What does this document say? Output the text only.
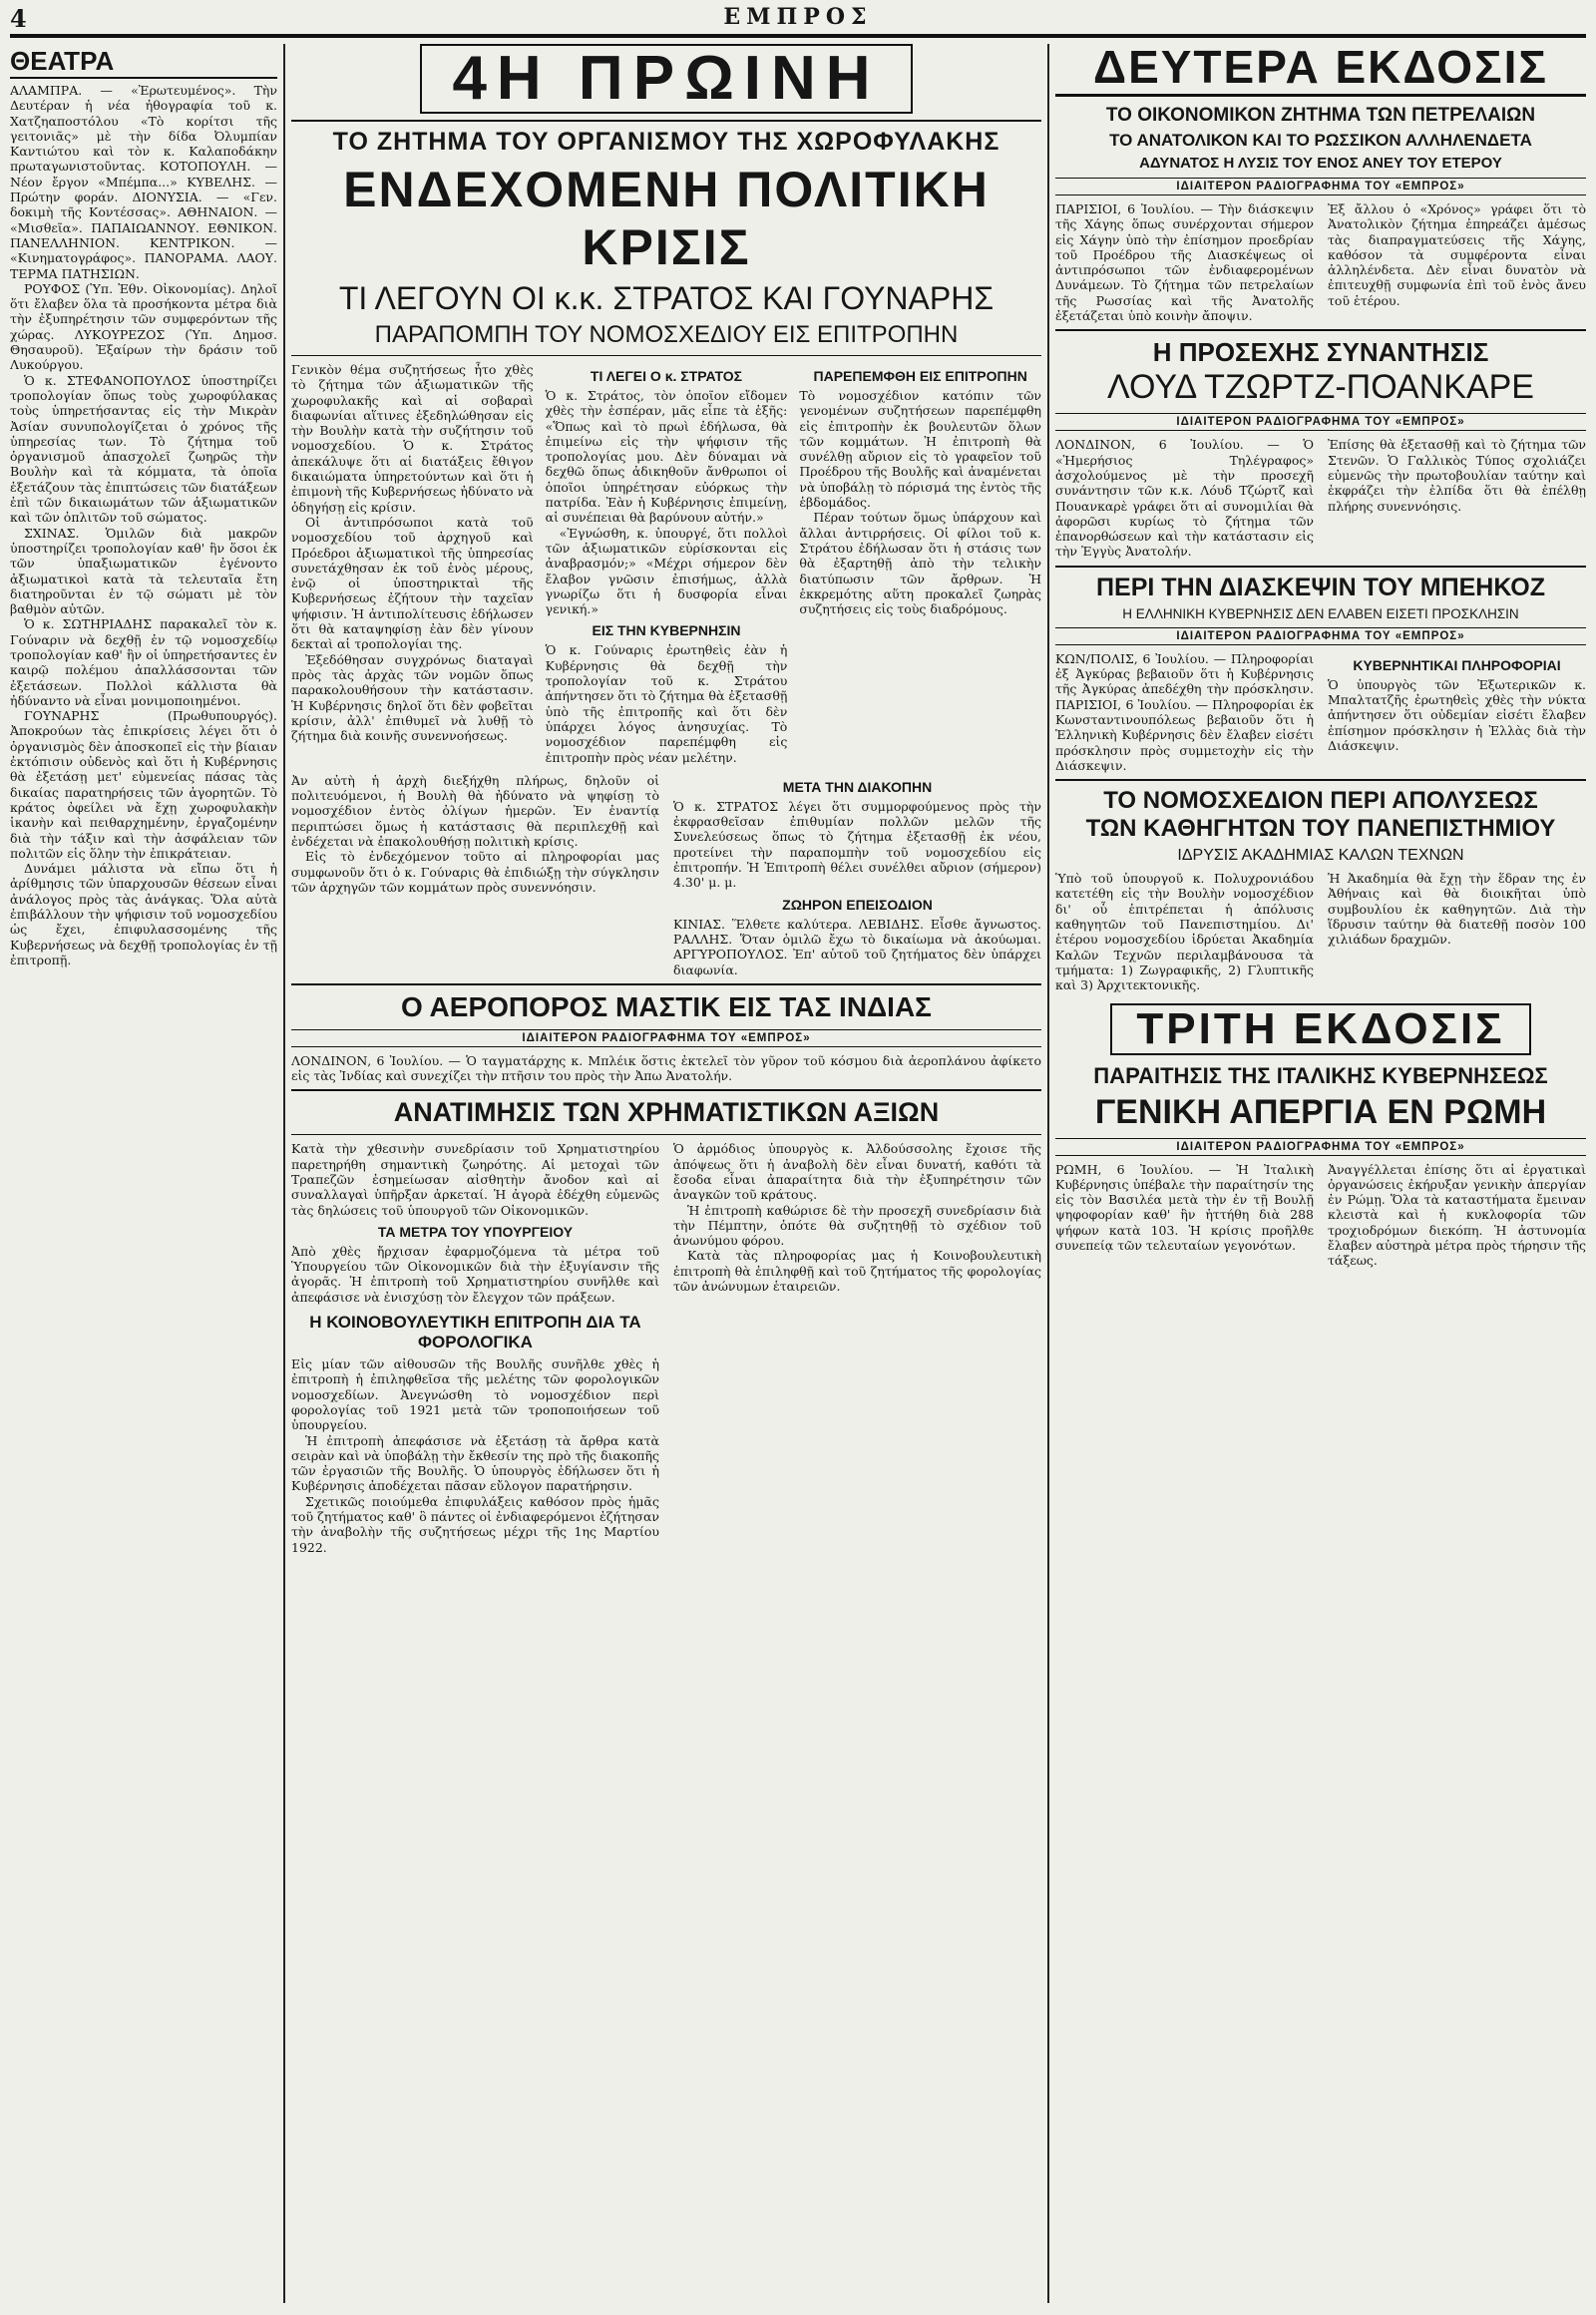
4	ΕΜΠΡΟΣ
ΘΕΑΤΡΑ

ΑΛΑΜΠΡΑ. — «Ἐρωτευμένος». Τὴν Δευτέραν ἡ νέα ἠθογραφία τοῦ κ. Χατζηαποστόλου «Τὸ κορίτσι τῆς γειτονιᾶς» μὲ τὴν δίδα Ὀλυμπίαν Καντιώτου καὶ τὸν κ. Καλαποδάκην πρωταγωνιστοῦντας. ΚΟΤΟΠΟΥΛΗ. — Νέον ἔργον «Μπέμπα...» ΚΥΒΕΛΗΣ. — Πρώτην φοράν. ΔΙΟΝΥΣΙΑ. — «Γεν. δοκιμὴ τῆς Κοντέσσας». ΑΘΗΝΑΙΟΝ. — «Μισθεῖα». ΠΑΠΑΙΩΑΝΝΟΥ. ΕΘΝΙΚΟΝ. ΠΑΝΕΛΛΗΝΙΟΝ. ΚΕΝΤΡΙΚΟΝ. — «Κινηματογράφος». ΠΑΝΟΡΑΜΑ. ΛΑΟΥ. ΤΕΡΜΑ ΠΑΤΗΣΙΩΝ.

ΡΟΥΦΟΣ (Ὑπ. Ἐθν. Οἰκονομίας). Δηλοῖ ὅτι ἔλαβεν ὅλα τὰ προσήκοντα μέτρα διὰ τὴν ἐξυπηρέτησιν τῶν συμφερόντων τῆς χώρας. ΛΥΚΟΥΡΕΖΟΣ (Ὑπ. Δημοσ. Θησαυροῦ). Ἐξαίρων τὴν δράσιν τοῦ Λυκούργου.

Ὁ κ. ΣΤΕΦΑΝΟΠΟΥΛΟΣ ὑποστηρίζει τροπολογίαν ὅπως τοὺς χωροφύλακας τοὺς ὑπηρετήσαντας εἰς τὴν Μικρὰν Ἀσίαν συνυπολογίζεται ὁ χρόνος τῆς ὑπηρεσίας των. Τὸ ζήτημα τοῦ ὀργανισμοῦ ἀπασχολεῖ ζωηρῶς τὴν Βουλὴν καὶ τὰ κόμματα, τὰ ὁποῖα ἐξετάζουν τὰς ἐπιπτώσεις τῶν διατάξεων ἐπὶ τῶν δικαιωμάτων τῶν ἀξιωματικῶν καὶ τῶν ὀπλιτῶν τοῦ σώματος.

ΣΧΙΝΑΣ. Ὁμιλῶν διὰ μακρῶν ὑποστηρίζει τροπολογίαν καθ' ἣν ὅσοι ἐκ τῶν ὑπαξιωματικῶν ἐγένοντο ἀξιωματικοὶ κατὰ τὰ τελευταῖα ἔτη διατηροῦνται ἐν τῷ σώματι μὲ τὸν βαθμὸν αὐτῶν.

Ὁ κ. ΣΩΤΗΡΙΑΔΗΣ παρακαλεῖ τὸν κ. Γούναριν νὰ δεχθῇ ἐν τῷ νομοσχεδίῳ τροπολογίαν καθ' ἣν οἱ ὑπηρετήσαντες ἐν καιρῷ πολέμου ἀπαλλάσσονται τῶν ἐξετάσεων. Πολλοὶ κάλλιστα θὰ ἠδύναντο νὰ εἶναι μονιμοποιημένοι.

ΓΟΥΝΑΡΗΣ (Πρωθυπουργός). Ἀποκρούων τὰς ἐπικρίσεις λέγει ὅτι ὁ ὀργανισμὸς δὲν ἀποσκοπεῖ εἰς τὴν βίαιαν ἐκτόπισιν οὐδενὸς καὶ ὅτι ἡ Κυβέρνησις θὰ ἐξετάσῃ μετ' εὐμενείας πάσας τὰς δικαίας παρατηρήσεις τῶν ἀγορητῶν. Τὸ κράτος ὀφείλει νὰ ἔχῃ χωροφυλακὴν ἱκανὴν καὶ πειθαρχημένην, ἐργαζομένην διὰ τὴν τάξιν καὶ τὴν ἀσφάλειαν τῶν πολιτῶν εἰς ὅλην τὴν ἐπικράτειαν.

Δυνάμει μάλιστα νὰ εἴπω ὅτι ἡ ἀρίθμησις τῶν ὑπαρχουσῶν θέσεων εἶναι ἀνάλογος πρὸς τὰς ἀνάγκας. Ὅλα αὐτὰ ἐπιβάλλουν τὴν ψήφισιν τοῦ νομοσχεδίου ὡς ἔχει, ἐπιφυλασσομένης τῆς Κυβερνήσεως νὰ δεχθῇ τροπολογίας ἐν τῇ ἐπιτροπῇ.

4Η ΠΡΩΙΝΗ
ΤΟ ΖΗΤΗΜΑ ΤΟΥ ΟΡΓΑΝΙΣΜΟΥ ΤΗΣ ΧΩΡΟΦΥΛΑΚΗΣ
ΕΝΔΕΧΟΜΕΝΗ ΠΟΛΙΤΙΚΗ ΚΡΙΣΙΣ
ΤΙ ΛΕΓΟΥΝ ΟΙ κ.κ. ΣΤΡΑΤΟΣ ΚΑΙ ΓΟΥΝΑΡΗΣ
ΠΑΡΑΠΟΜΠΗ ΤΟΥ ΝΟΜΟΣΧΕΔΙΟΥ ΕΙΣ ΕΠΙΤΡΟΠΗΝ

Γενικὸν θέμα συζητήσεως ἦτο χθὲς τὸ ζήτημα τῶν ἀξιωματικῶν τῆς χωροφυλακῆς καὶ αἱ σοβαραὶ διαφωνίαι αἵτινες ἐξεδηλώθησαν εἰς τὴν Βουλὴν κατὰ τὴν συζήτησιν τοῦ νομοσχεδίου. Ὁ κ. Στράτος ἀπεκάλυψε ὅτι αἱ διατάξεις ἔθιγον δικαιώματα ὑπηρετούντων καὶ ὅτι ἡ ἐπιμονὴ τῆς Κυβερνήσεως ἠδύνατο νὰ ὁδηγήσῃ εἰς κρίσιν.

Οἱ ἀντιπρόσωποι κατὰ τοῦ νομοσχεδίου τοῦ ἀρχηγοῦ καὶ Πρόεδροι ἀξιωματικοὶ τῆς ὑπηρεσίας συνετάχθησαν ἐκ τοῦ ἑνὸς μέρους, ἐνῷ οἱ ὑποστηρικταὶ τῆς Κυβερνήσεως ἐζήτουν τὴν ταχεῖαν ψήφισιν. Ἡ ἀντιπολίτευσις ἐδήλωσεν ὅτι θὰ καταψηφίσῃ ἐὰν δὲν γίνουν δεκταὶ αἱ τροπολογίαι της.

Ἐξεδόθησαν συγχρόνως διαταγαὶ πρὸς τὰς ἀρχὰς τῶν νομῶν ὅπως παρακολουθήσουν τὴν κατάστασιν. Ἡ Κυβέρνησις δηλοῖ ὅτι δὲν φοβεῖται κρίσιν, ἀλλ' ἐπιθυμεῖ νὰ λυθῇ τὸ ζήτημα διὰ κοινῆς συνεννοήσεως.

ΤΙ ΛΕΓΕΙ Ο κ. ΣΤΡΑΤΟΣ

Ὁ κ. Στράτος, τὸν ὁποῖον εἴδομεν χθὲς τὴν ἑσπέραν, μᾶς εἶπε τὰ ἑξῆς: «Ὅπως καὶ τὸ πρωὶ ἐδήλωσα, θὰ ἐπιμείνω εἰς τὴν ψήφισιν τῆς τροπολογίας μου. Δὲν δύναμαι νὰ δεχθῶ ὅπως ἀδικηθοῦν ἄνθρωποι οἱ ὁποῖοι ὑπηρέτησαν εὐόρκως τὴν πατρίδα. Ἐὰν ἡ Κυβέρνησις ἐπιμείνῃ, αἱ συνέπειαι θὰ βαρύνουν αὐτήν.»

«Ἐγνώσθη, κ. ὑπουργέ, ὅτι πολλοὶ τῶν ἀξιωματικῶν εὑρίσκονται εἰς ἀναβρασμόν;» «Μέχρι σήμερον δὲν ἔλαβον γνῶσιν ἐπισήμως, ἀλλὰ γνωρίζω ὅτι ἡ δυσφορία εἶναι γενική.»

ΕΙΣ ΤΗΝ ΚΥΒΕΡΝΗΣΙΝ

Ὁ κ. Γούναρις ἐρωτηθεὶς ἐὰν ἡ Κυβέρνησις θὰ δεχθῇ τὴν τροπολογίαν τοῦ κ. Στράτου ἀπήντησεν ὅτι τὸ ζήτημα θὰ ἐξετασθῇ ὑπὸ τῆς ἐπιτροπῆς καὶ ὅτι δὲν ὑπάρχει λόγος ἀνησυχίας. Τὸ νομοσχέδιον παρεπέμφθη εἰς ἐπιτροπὴν πρὸς νέαν μελέτην.

ΠΑΡΕΠΕΜΦΘΗ ΕΙΣ ΕΠΙΤΡΟΠΗΝ

Τὸ νομοσχέδιον κατόπιν τῶν γενομένων συζητήσεων παρεπέμφθη εἰς ἐπιτροπὴν ἐκ βουλευτῶν ὅλων τῶν κομμάτων. Ἡ ἐπιτροπὴ θὰ συνέλθῃ αὔριον εἰς τὸ γραφεῖον τοῦ Προέδρου τῆς Βουλῆς καὶ ἀναμένεται νὰ ὑποβάλῃ τὸ πόρισμά της ἐντὸς τῆς ἑβδομάδος.

Πέραν τούτων ὅμως ὑπάρχουν καὶ ἄλλαι ἀντιρρήσεις. Οἱ φίλοι τοῦ κ. Στράτου ἐδήλωσαν ὅτι ἡ στάσις των θὰ ἐξαρτηθῇ ἀπὸ τὴν τελικὴν διατύπωσιν τῶν ἄρθρων. Ἡ ἐκκρεμότης αὕτη προκαλεῖ ζωηρὰς συζητήσεις εἰς τοὺς διαδρόμους.

Ἀν αὐτὴ ἡ ἀρχὴ διεξήχθη πλήρως, δηλοῦν οἱ πολιτευόμενοι, ἡ Βουλὴ θὰ ἠδύνατο νὰ ψηφίσῃ τὸ νομοσχέδιον ἐντὸς ὀλίγων ἡμερῶν. Ἐν ἐναντίᾳ περιπτώσει ὅμως ἡ κατάστασις θὰ περιπλεχθῇ καὶ ἐνδέχεται νὰ ἐπακολουθήσῃ πολιτικὴ κρίσις.

Εἰς τὸ ἐνδεχόμενον τοῦτο αἱ πληροφορίαι μας συμφωνοῦν ὅτι ὁ κ. Γούναρις θὰ ἐπιδιώξῃ τὴν σύγκλησιν τῶν ἀρχηγῶν τῶν κομμάτων πρὸς συνεννόησιν.

ΜΕΤΑ ΤΗΝ ΔΙΑΚΟΠΗΝ

Ὁ κ. ΣΤΡΑΤΟΣ λέγει ὅτι συμμορφούμενος πρὸς τὴν ἐκφρασθεῖσαν ἐπιθυμίαν πολλῶν μελῶν τῆς Συνελεύσεως ὅπως τὸ ζήτημα ἐξετασθῇ ἐκ νέου, προτείνει τὴν παραπομπὴν τοῦ νομοσχεδίου εἰς ἐπιτροπήν. Ἡ Ἐπιτροπὴ θέλει συνέλθει αὔριον (σήμερον) 4.30' μ. μ.

ΖΩΗΡΟΝ ΕΠΕΙΣΟΔΙΟΝ

ΚΙΝΙΑΣ. Ἕλθετε καλύτερα. ΛΕΒΙΔΗΣ. Εἶσθε ἄγνωστος. ΡΑΛΛΗΣ. Ὅταν ὁμιλῶ ἔχω τὸ δικαίωμα νὰ ἀκούωμαι. ΑΡΓΥΡΟΠΟΥΛΟΣ. Ἐπ' αὐτοῦ τοῦ ζητήματος δὲν ὑπάρχει διαφωνία.

Ο ΑΕΡΟΠΟΡΟΣ ΜΑΣΤΙΚ ΕΙΣ ΤΑΣ ΙΝΔΙΑΣ
ΙΔΙΑΙΤΕΡΟΝ ΡΑΔΙΟΓΡΑΦΗΜΑ ΤΟΥ «ΕΜΠΡΟΣ»

ΛΟΝΔΙΝΟΝ, 6 Ἰουλίου. — Ὁ ταγματάρχης κ. Μπλέικ ὅστις ἐκτελεῖ τὸν γῦρον τοῦ κόσμου διὰ ἀεροπλάνου ἀφίκετο εἰς τὰς Ἰνδίας καὶ συνεχίζει τὴν πτῆσιν του πρὸς τὴν Ἀπω Ἀνατολήν.

ΑΝΑΤΙΜΗΣΙΣ ΤΩΝ ΧΡΗΜΑΤΙΣΤΙΚΩΝ ΑΞΙΩΝ

Κατὰ τὴν χθεσινὴν συνεδρίασιν τοῦ Χρηματιστηρίου παρετηρήθη σημαντικὴ ζωηρότης. Αἱ μετοχαὶ τῶν Τραπεζῶν ἐσημείωσαν αἰσθητὴν ἄνοδον καὶ αἱ συναλλαγαὶ ὑπῆρξαν ἀρκεταί. Ἡ ἀγορὰ ἐδέχθη εὐμενῶς τὰς δηλώσεις τοῦ ὑπουργοῦ τῶν Οἰκονομικῶν.

ΤΑ ΜΕΤΡΑ ΤΟΥ ΥΠΟΥΡΓΕΙΟΥ

Ἀπὸ χθὲς ἤρχισαν ἐφαρμοζόμενα τὰ μέτρα τοῦ Ὑπουργείου τῶν Οἰκονομικῶν διὰ τὴν ἐξυγίανσιν τῆς ἀγορᾶς. Ἡ ἐπιτροπὴ τοῦ Χρηματιστηρίου συνῆλθε καὶ ἀπεφάσισε νὰ ἐνισχύσῃ τὸν ἔλεγχον τῶν πράξεων.

Η ΚΟΙΝΟΒΟΥΛΕΥΤΙΚΗ ΕΠΙΤΡΟΠΗ ΔΙΑ ΤΑ ΦΟΡΟΛΟΓΙΚΑ

Εἰς μίαν τῶν αἰθουσῶν τῆς Βουλῆς συνῆλθε χθὲς ἡ ἐπιτροπὴ ἡ ἐπιληφθεῖσα τῆς μελέτης τῶν φορολογικῶν νομοσχεδίων. Ἀνεγνώσθη τὸ νομοσχέδιον περὶ φορολογίας τοῦ 1921 μετὰ τῶν τροποποιήσεων τοῦ ὑπουργείου.

Ἡ ἐπιτροπὴ ἀπεφάσισε νὰ ἐξετάσῃ τὰ ἄρθρα κατὰ σειρὰν καὶ νὰ ὑποβάλῃ τὴν ἔκθεσίν της πρὸ τῆς διακοπῆς τῶν ἐργασιῶν τῆς Βουλῆς. Ὁ ὑπουργὸς ἐδήλωσεν ὅτι ἡ Κυβέρνησις ἀποδέχεται πᾶσαν εὔλογον παρατήρησιν.

Σχετικῶς ποιούμεθα ἐπιφυλάξεις καθόσον πρὸς ἡμᾶς τοῦ ζητήματος καθ' ὃ πάντες οἱ ἐνδιαφερόμενοι ἐζήτησαν τὴν ἀναβολὴν τῆς συζητήσεως μέχρι τῆς 1ης Μαρτίου 1922.

Ὁ ἀρμόδιος ὑπουργὸς κ. Ἀλδούσσολης ἔχοισε τῆς ἀπόψεως ὅτι ἡ ἀναβολὴ δὲν εἶναι δυνατή, καθότι τὰ ἔσοδα εἶναι ἀπαραίτητα διὰ τὴν ἐξυπηρέτησιν τῶν ἀναγκῶν τοῦ κράτους.

Ἡ ἐπιτροπὴ καθώρισε δὲ τὴν προσεχῆ συνεδρίασιν διὰ τὴν Πέμπτην, ὁπότε θὰ συζητηθῇ τὸ σχέδιον τοῦ ἀνωνύμου φόρου.

Κατὰ τὰς πληροφορίας μας ἡ Κοινοβουλευτικὴ ἐπιτροπὴ θὰ ἐπιληφθῇ καὶ τοῦ ζητήματος τῆς φορολογίας τῶν ἀνώνυμων ἑταιρειῶν.

ΔΕΥΤΕΡΑ ΕΚΔΟΣΙΣ
ΤΟ ΟΙΚΟΝΟΜΙΚΟΝ ΖΗΤΗΜΑ ΤΩΝ ΠΕΤΡΕΛΑΙΩΝ
ΤΟ ΑΝΑΤΟΛΙΚΟΝ ΚΑΙ ΤΟ ΡΩΣΣΙΚΟΝ ΑΛΛΗΛΕΝΔΕΤΑ
ΑΔΥΝΑΤΟΣ Η ΛΥΣΙΣ ΤΟΥ ΕΝΟΣ ΑΝΕΥ ΤΟΥ ΕΤΕΡΟΥ
ΙΔΙΑΙΤΕΡΟΝ ΡΑΔΙΟΓΡΑΦΗΜΑ ΤΟΥ «ΕΜΠΡΟΣ»

ΠΑΡΙΣΙΟΙ, 6 Ἰουλίου. — Τὴν διάσκεψιν τῆς Χάγης ὅπως συνέρχονται σήμερον εἰς Χάγην ὑπὸ τὴν ἐπίσημον προεδρίαν τοῦ Προέδρου τῆς Διασκέψεως οἱ ἀντιπρόσωποι τῶν ἐνδιαφερομένων Δυνάμεων. Τὸ ζήτημα τῶν πετρελαίων τῆς Ρωσσίας καὶ τῆς Ἀνατολῆς ἐξετάζεται ὑπὸ κοινὴν ἄποψιν.

Ἐξ ἄλλου ὁ «Χρόνος» γράφει ὅτι τὸ Ἀνατολικὸν ζήτημα ἐπηρεάζει ἀμέσως τὰς διαπραγματεύσεις τῆς Χάγης, καθόσον τὰ συμφέροντα εἶναι ἀλληλένδετα. Δὲν εἶναι δυνατὸν νὰ ἐπιτευχθῇ συμφωνία ἐπὶ τοῦ ἑνὸς ἄνευ τοῦ ἑτέρου.

Η ΠΡΟΣΕΧΗΣ ΣΥΝΑΝΤΗΣΙΣ
ΛΟΥΔ ΤΖΩΡΤΖ-ΠΟΑΝΚΑΡΕ
ΙΔΙΑΙΤΕΡΟΝ ΡΑΔΙΟΓΡΑΦΗΜΑ ΤΟΥ «ΕΜΠΡΟΣ»

ΛΟΝΔΙΝΟΝ, 6 Ἰουλίου. — Ὁ «Ἡμερήσιος Τηλέγραφος» ἀσχολούμενος μὲ τὴν προσεχῆ συνάντησιν τῶν κ.κ. Λόυδ Τζώρτζ καὶ Πουανκαρὲ γράφει ὅτι αἱ συνομιλίαι θὰ ἀφορῶσι κυρίως τὸ ζήτημα τῶν ἐπανορθώσεων καὶ τὴν κατάστασιν εἰς τὴν Ἐγγὺς Ἀνατολήν.

Ἐπίσης θὰ ἐξετασθῇ καὶ τὸ ζήτημα τῶν Στενῶν. Ὁ Γαλλικὸς Τύπος σχολιάζει εὐμενῶς τὴν πρωτοβουλίαν ταύτην καὶ ἐκφράζει τὴν ἐλπίδα ὅτι θὰ ἐπέλθῃ πλήρης συνεννόησις.

ΠΕΡΙ ΤΗΝ ΔΙΑΣΚΕΨΙΝ ΤΟΥ ΜΠΕΗΚΟΖ
Η ΕΛΛΗΝΙΚΗ ΚΥΒΕΡΝΗΣΙΣ ΔΕΝ ΕΛΑΒΕΝ ΕΙΣΕΤΙ ΠΡΟΣΚΛΗΣΙΝ
ΙΔΙΑΙΤΕΡΟΝ ΡΑΔΙΟΓΡΑΦΗΜΑ ΤΟΥ «ΕΜΠΡΟΣ»

ΚΩΝ/ΠΟΛΙΣ, 6 Ἰουλίου. — Πληροφορίαι ἐξ Ἀγκύρας βεβαιοῦν ὅτι ἡ Κυβέρνησις τῆς Ἀγκύρας ἀπεδέχθη τὴν πρόσκλησιν. ΠΑΡΙΣΙΟΙ, 6 Ἰουλίου. — Πληροφορίαι ἐκ Κωνσταντινουπόλεως βεβαιοῦν ὅτι ἡ Ἑλληνικὴ Κυβέρνησις δὲν ἔλαβεν εἰσέτι πρόσκλησιν πρὸς συμμετοχὴν εἰς τὴν Διάσκεψιν.

ΚΥΒΕΡΝΗΤΙΚΑΙ ΠΛΗΡΟΦΟΡΙΑΙ

Ὁ ὑπουργὸς τῶν Ἐξωτερικῶν κ. Μπαλτατζῆς ἐρωτηθεὶς χθὲς τὴν νύκτα ἀπήντησεν ὅτι οὐδεμίαν εἰσέτι ἔλαβεν ἐπίσημον πρόσκλησιν ἡ Ἑλλὰς διὰ τὴν Διάσκεψιν.

ΤΟ ΝΟΜΟΣΧΕΔΙΟΝ ΠΕΡΙ ΑΠΟΛΥΣΕΩΣ
ΤΩΝ ΚΑΘΗΓΗΤΩΝ ΤΟΥ ΠΑΝΕΠΙΣΤΗΜΙΟΥ
ΙΔΡΥΣΙΣ ΑΚΑΔΗΜΙΑΣ ΚΑΛΩΝ ΤΕΧΝΩΝ

Ὑπὸ τοῦ ὑπουργοῦ κ. Πολυχρονιάδου κατετέθη εἰς τὴν Βουλὴν νομοσχέδιον δι' οὗ ἐπιτρέπεται ἡ ἀπόλυσις καθηγητῶν τοῦ Πανεπιστημίου. Δι' ἑτέρου νομοσχεδίου ἱδρύεται Ἀκαδημία Καλῶν Τεχνῶν περιλαμβάνουσα τὰ τμήματα: 1) Ζωγραφικῆς, 2) Γλυπτικῆς καὶ 3) Ἀρχιτεκτονικῆς.

Ἡ Ἀκαδημία θὰ ἔχῃ τὴν ἕδραν της ἐν Ἀθήναις καὶ θὰ διοικῆται ὑπὸ συμβουλίου ἐκ καθηγητῶν. Διὰ τὴν ἵδρυσιν ταύτην θὰ διατεθῇ ποσὸν 100 χιλιάδων δραχμῶν.

ΤΡΙΤΗ ΕΚΔΟΣΙΣ
ΠΑΡΑΙΤΗΣΙΣ ΤΗΣ ΙΤΑΛΙΚΗΣ ΚΥΒΕΡΝΗΣΕΩΣ
ΓΕΝΙΚΗ ΑΠΕΡΓΙΑ ΕΝ ΡΩΜΗ
ΙΔΙΑΙΤΕΡΟΝ ΡΑΔΙΟΓΡΑΦΗΜΑ ΤΟΥ «ΕΜΠΡΟΣ»

ΡΩΜΗ, 6 Ἰουλίου. — Ἡ Ἰταλικὴ Κυβέρνησις ὑπέβαλε τὴν παραίτησίν της εἰς τὸν Βασιλέα μετὰ τὴν ἐν τῇ Βουλῇ ψηφοφορίαν καθ' ἣν ἡττήθη διὰ 288 ψήφων κατὰ 103. Ἡ κρίσις προῆλθε συνεπείᾳ τῶν τελευταίων γεγονότων.

Ἀναγγέλλεται ἐπίσης ὅτι αἱ ἐργατικαὶ ὀργανώσεις ἐκήρυξαν γενικὴν ἀπεργίαν ἐν Ρώμῃ. Ὅλα τὰ καταστήματα ἔμειναν κλειστὰ καὶ ἡ κυκλοφορία τῶν τροχιοδρόμων διεκόπη. Ἡ ἀστυνομία ἔλαβεν αὐστηρὰ μέτρα πρὸς τήρησιν τῆς τάξεως.
